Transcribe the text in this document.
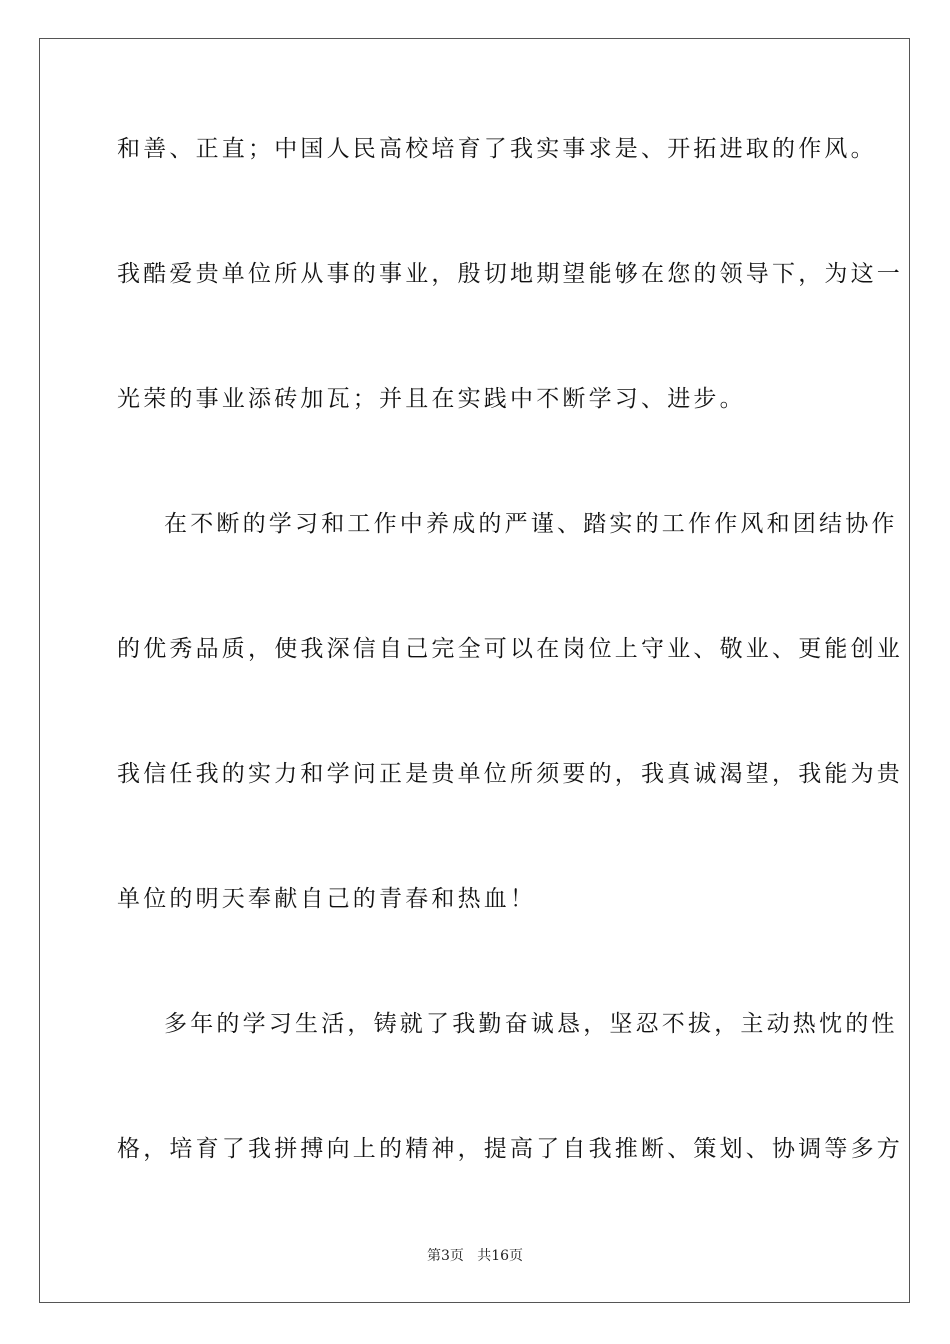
和善、正直；中国人民高校培育了我实事求是、开拓进取的作风。
我酷爱贵单位所从事的事业，殷切地期望能够在您的领导下，为这一
光荣的事业添砖加瓦；并且在实践中不断学习、进步。
在不断的学习和工作中养成的严谨、踏实的工作作风和团结协作
的优秀品质，使我深信自己完全可以在岗位上守业、敬业、更能创业
我信任我的实力和学问正是贵单位所须要的，我真诚渴望，我能为贵
单位的明天奉献自己的青春和热血！
多年的学习生活，铸就了我勤奋诚恳，坚忍不拔，主动热忱的性
格，培育了我拼搏向上的精神，提高了自我推断、策划、协调等多方
第3页   共16页
